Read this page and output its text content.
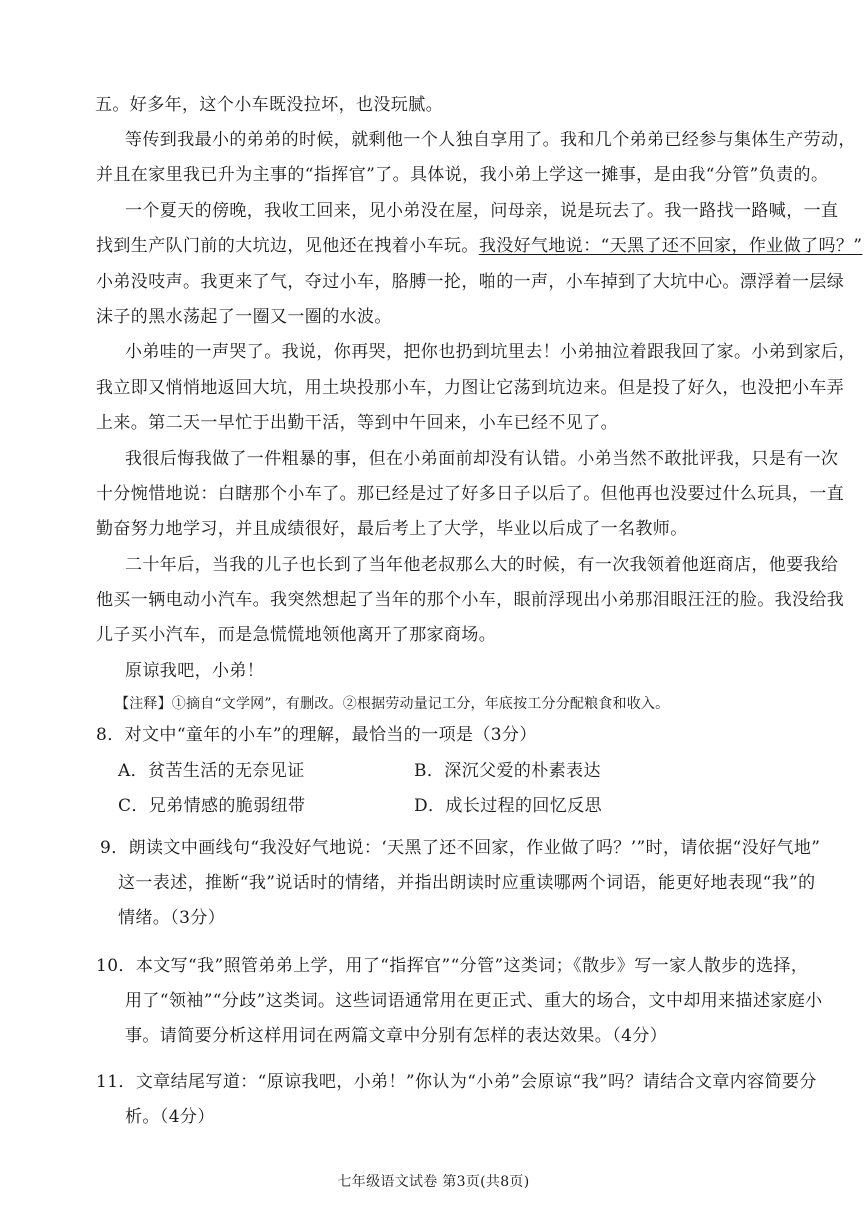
五。好多年，这个小车既没拉坏，也没玩腻。

等传到我最小的弟弟的时候，就剩他一个人独自享用了。我和几个弟弟已经参与集体生产劳动，

并且在家里我已升为主事的“指挥官”了。具体说，我小弟上学这一摊事，是由我“分管”负责的。

一个夏天的傍晚，我收工回来，见小弟没在屋，问母亲，说是玩去了。我一路找一路喊，一直

找到生产队门前的大坑边，见他还在拽着小车玩。我没好气地说：“天黑了还不回家，作业做了吗？”

小弟没吱声。我更来了气，夺过小车，胳膊一抡，啪的一声，小车掉到了大坑中心。漂浮着一层绿

沫子的黑水荡起了一圈又一圈的水波。

小弟哇的一声哭了。我说，你再哭，把你也扔到坑里去！小弟抽泣着跟我回了家。小弟到家后，

我立即又悄悄地返回大坑，用土块投那小车，力图让它荡到坑边来。但是投了好久，也没把小车弄

上来。第二天一早忙于出勤干活，等到中午回来，小车已经不见了。

我很后悔我做了一件粗暴的事，但在小弟面前却没有认错。小弟当然不敢批评我，只是有一次

十分惋惜地说：白瞎那个小车了。那已经是过了好多日子以后了。但他再也没要过什么玩具，一直

勤奋努力地学习，并且成绩很好，最后考上了大学，毕业以后成了一名教师。

二十年后，当我的儿子也长到了当年他老叔那么大的时候，有一次我领着他逛商店，他要我给

他买一辆电动小汽车。我突然想起了当年的那个小车，眼前浮现出小弟那泪眼汪汪的脸。我没给我

儿子买小汽车，而是急慌慌地领他离开了那家商场。

原谅我吧，小弟！

【注释】①摘自“文学网”，有删改。②根据劳动量记工分，年底按工分分配粮食和收入。

8．对文中“童年的小车”的理解，最恰当的一项是（3分）

A．贫苦生活的无奈见证	B．深沉父爱的朴素表达
C．兄弟情感的脆弱纽带	D．成长过程的回忆反思

9．朗读文中画线句“我没好气地说：‘天黑了还不回家，作业做了吗？’”时，请依据“没好气地”

这一表述，推断“我”说话时的情绪，并指出朗读时应重读哪两个词语，能更好地表现“我”的

情绪。（3分）

10．本文写“我”照管弟弟上学，用了“指挥官”“分管”这类词；《散步》写一家人散步的选择，

用了“领袖”“分歧”这类词。这些词语通常用在更正式、重大的场合，文中却用来描述家庭小

事。请简要分析这样用词在两篇文章中分别有怎样的表达效果。（4分）

11．文章结尾写道：“原谅我吧，小弟！”你认为“小弟”会原谅“我”吗？请结合文章内容简要分

析。（4分）

七年级语文试卷 第3页(共8页)
